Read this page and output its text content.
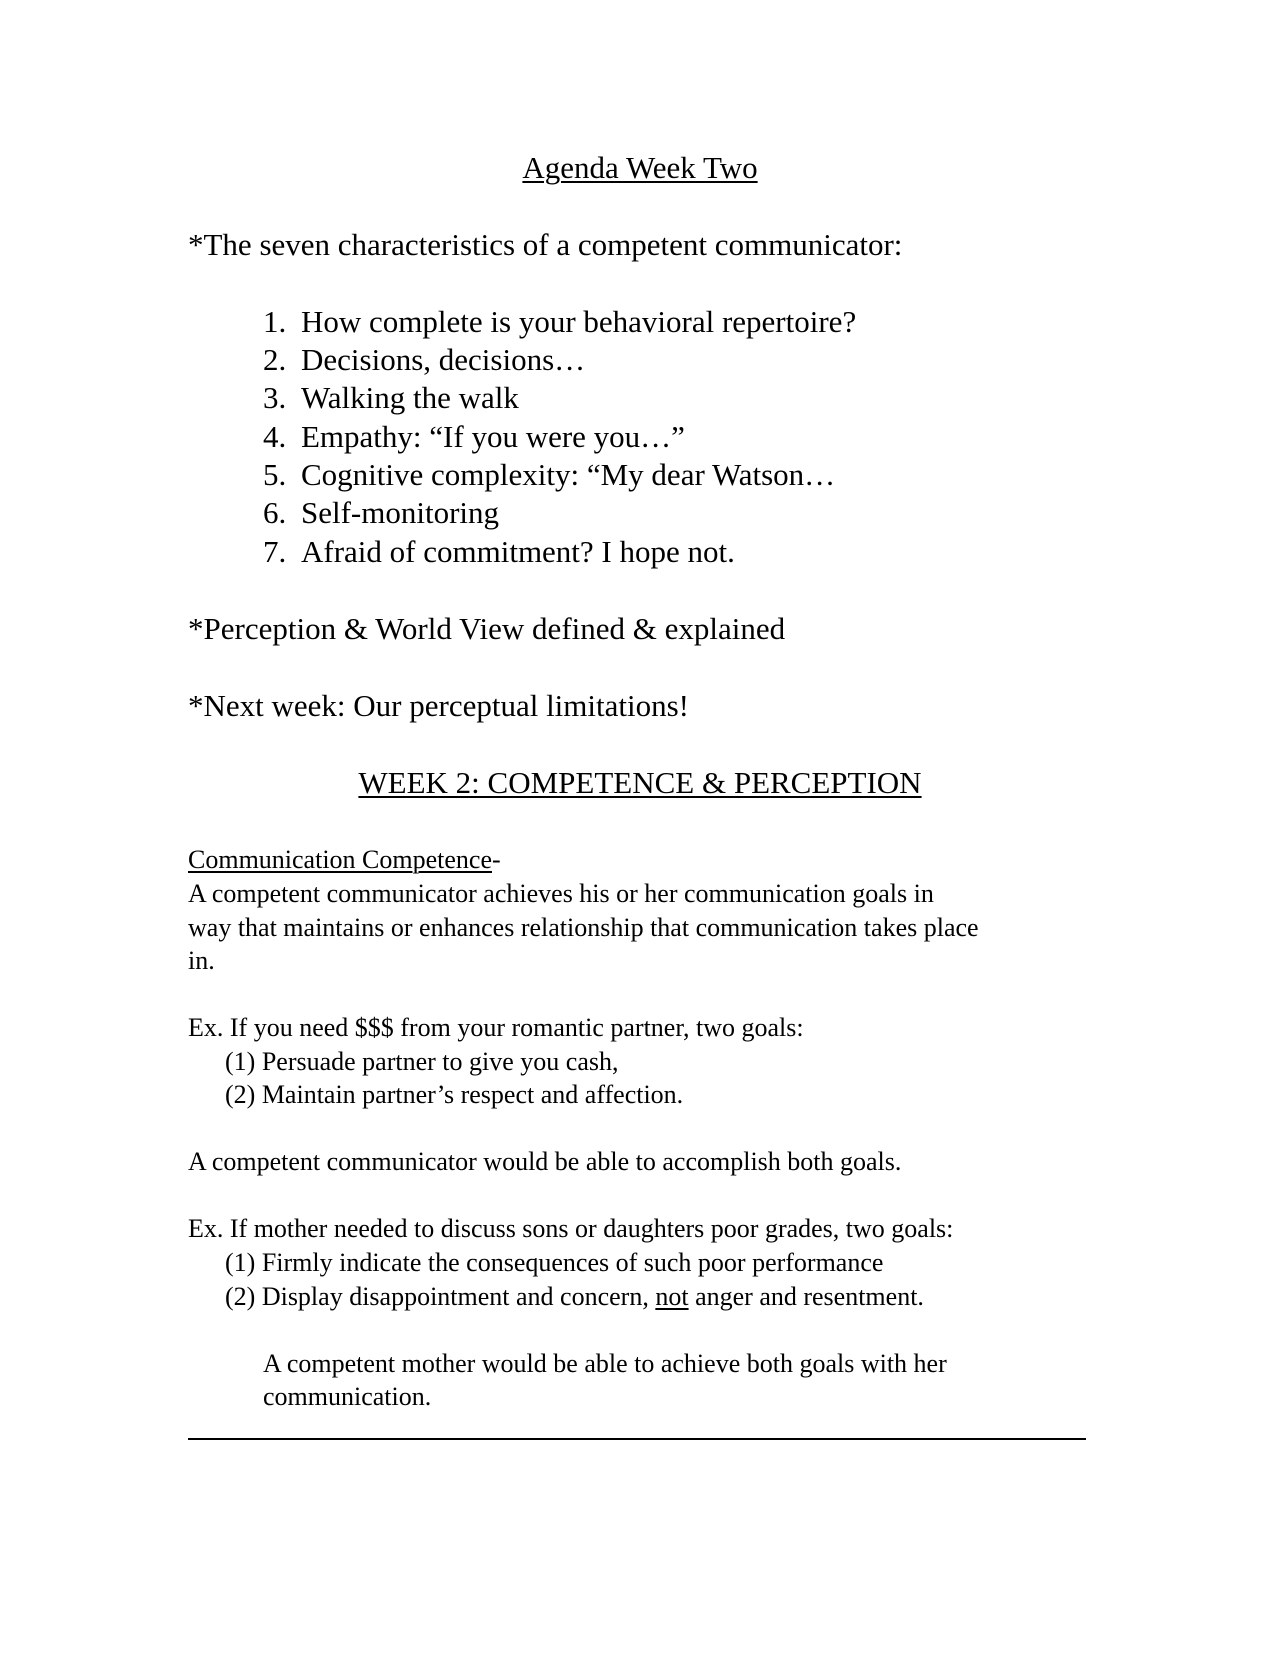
Agenda Week Two
*The seven characteristics of a competent communicator:
1. How complete is your behavioral repertoire?
2. Decisions, decisions…
3. Walking the walk
4. Empathy: “If you were you…”
5. Cognitive complexity: “My dear Watson…
6. Self-monitoring
7. Afraid of commitment? I hope not.
*Perception & World View defined & explained
*Next week: Our perceptual limitations!
WEEK 2: COMPETENCE & PERCEPTION
Communication Competence-
A competent communicator achieves his or her communication goals in
way that maintains or enhances relationship that communication takes place
in.
Ex. If you need $$$ from your romantic partner, two goals:
(1) Persuade partner to give you cash,
(2) Maintain partner’s respect and affection.
A competent communicator would be able to accomplish both goals.
Ex. If mother needed to discuss sons or daughters poor grades, two goals:
(1) Firmly indicate the consequences of such poor performance
(2) Display disappointment and concern, not anger and resentment.
A competent mother would be able to achieve both goals with her
communication.
